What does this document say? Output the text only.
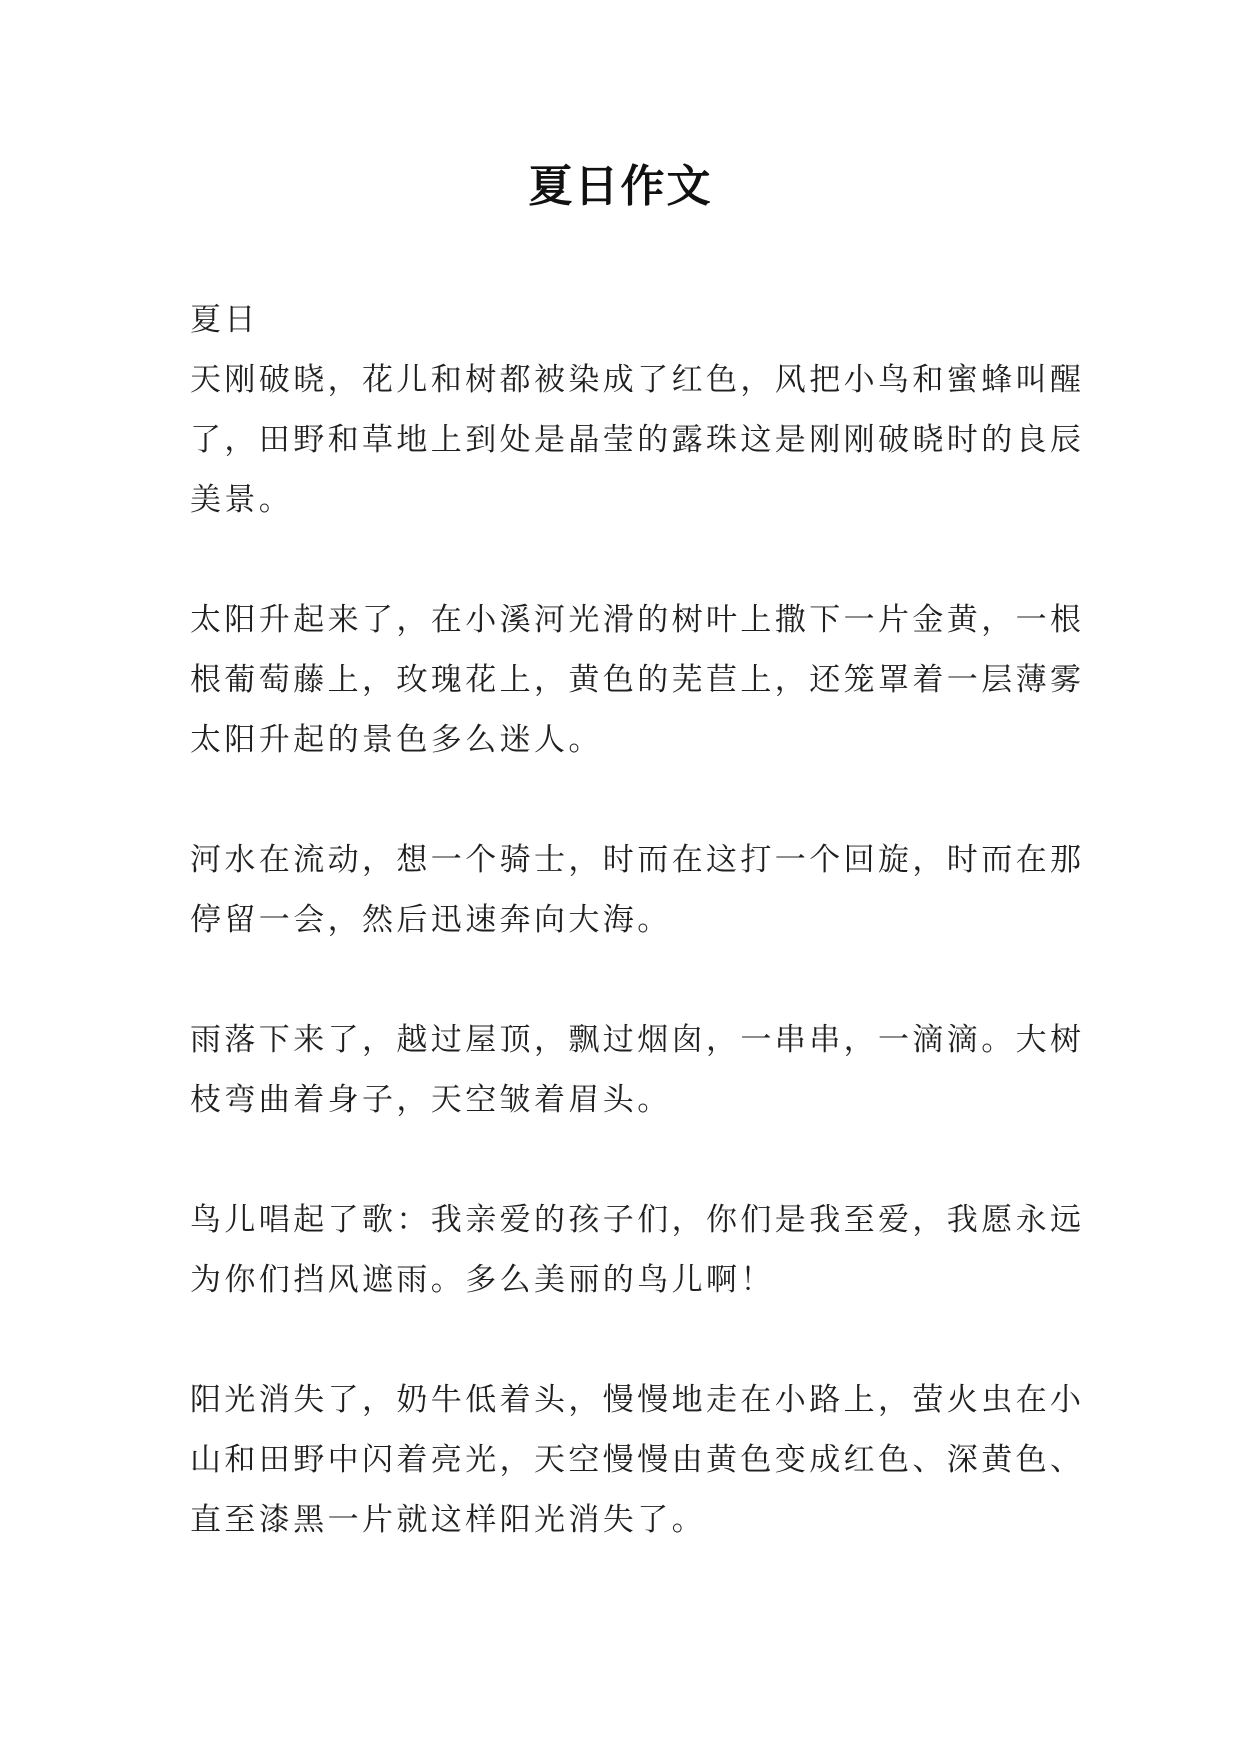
夏日作文
夏日
天刚破晓，花儿和树都被染成了红色，风把小鸟和蜜蜂叫醒
了，田野和草地上到处是晶莹的露珠这是刚刚破晓时的良辰
美景。
太阳升起来了，在小溪河光滑的树叶上撒下一片金黄，一根
根葡萄藤上，玫瑰花上，黄色的芜苣上，还笼罩着一层薄雾
太阳升起的景色多么迷人。
河水在流动，想一个骑士，时而在这打一个回旋，时而在那
停留一会，然后迅速奔向大海。
雨落下来了，越过屋顶，飘过烟囱，一串串，一滴滴。大树
枝弯曲着身子，天空皱着眉头。
鸟儿唱起了歌：我亲爱的孩子们，你们是我至爱，我愿永远
为你们挡风遮雨。多么美丽的鸟儿啊！
阳光消失了，奶牛低着头，慢慢地走在小路上，萤火虫在小
山和田野中闪着亮光，天空慢慢由黄色变成红色、深黄色、
直至漆黑一片就这样阳光消失了。
